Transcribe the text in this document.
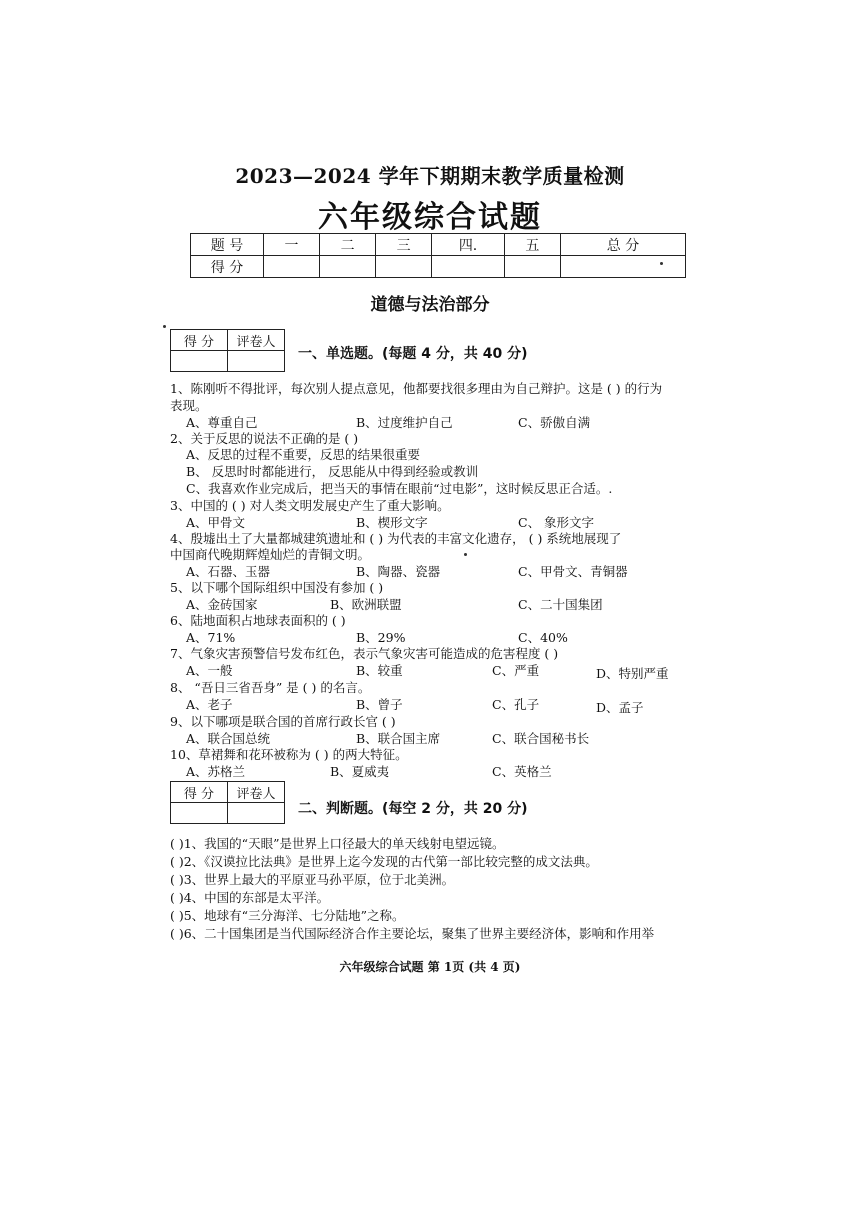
2023—2024 学年下期期末教学质量检测
六年级综合试题
题 号	一	二	三	四.	五	总 分
得 分						
道德与法治部分
得 分	评卷人

一、单选题。(每题 4 分，共 40 分)
1、陈刚听不得批评，每次别人提点意见，他都要找很多理由为自己辩护。这是 ( ) 的行为
表现。
A、尊重自己	B、过度维护自己	C、骄傲自满
2、关于反思的说法不正确的是 ( )
A、反思的过程不重要，反思的结果很重要
B、 反思时时都能进行， 反思能从中得到经验或教训
C、我喜欢作业完成后，把当天的事情在眼前“过电影”，这时候反思正合适。.
3、中国的 ( ) 对人类文明发展史产生了重大影响。
A、甲骨文	B、楔形文字	C、 象形文字
4、殷墟出土了大量都城建筑遗址和 ( ) 为代表的丰富文化遗存， ( ) 系统地展现了
中国商代晚期辉煌灿烂的青铜文明。
A、石器、玉器	B、陶器、瓷器	C、甲骨文、青铜器
5、以下哪个国际组织中国没有参加 ( )
A、金砖国家	B、欧洲联盟	C、二十国集团
6、陆地面积占地球表面积的 ( )
A、71%	B、29%	C、40%
7、气象灾害预警信号发布红色，表示气象灾害可能造成的危害程度 ( )
A、一般	B、较重	C、严重	D、特别严重
8、 “吾日三省吾身” 是 ( ) 的名言。
A、老子	B、曾子	C、孔子	D、孟子
9、以下哪项是联合国的首席行政长官 ( )
A、联合国总统	B、联合国主席	C、联合国秘书长
10、草裙舞和花环被称为 ( ) 的两大特征。
A、苏格兰	B、夏威夷	C、英格兰
得 分	评卷人

二、判断题。(每空 2 分，共 20 分)
( )1、我国的“天眼”是世界上口径最大的单天线射电望远镜。
( )2、《汉谟拉比法典》是世界上迄今发现的古代第一部比较完整的成文法典。
( )3、世界上最大的平原亚马孙平原，位于北美洲。
( )4、中国的东部是太平洋。
( )5、地球有“三分海洋、七分陆地”之称。
( )6、二十国集团是当代国际经济合作主要论坛，聚集了世界主要经济体，影响和作用举
六年级综合试题 第 1页 (共 4 页)
